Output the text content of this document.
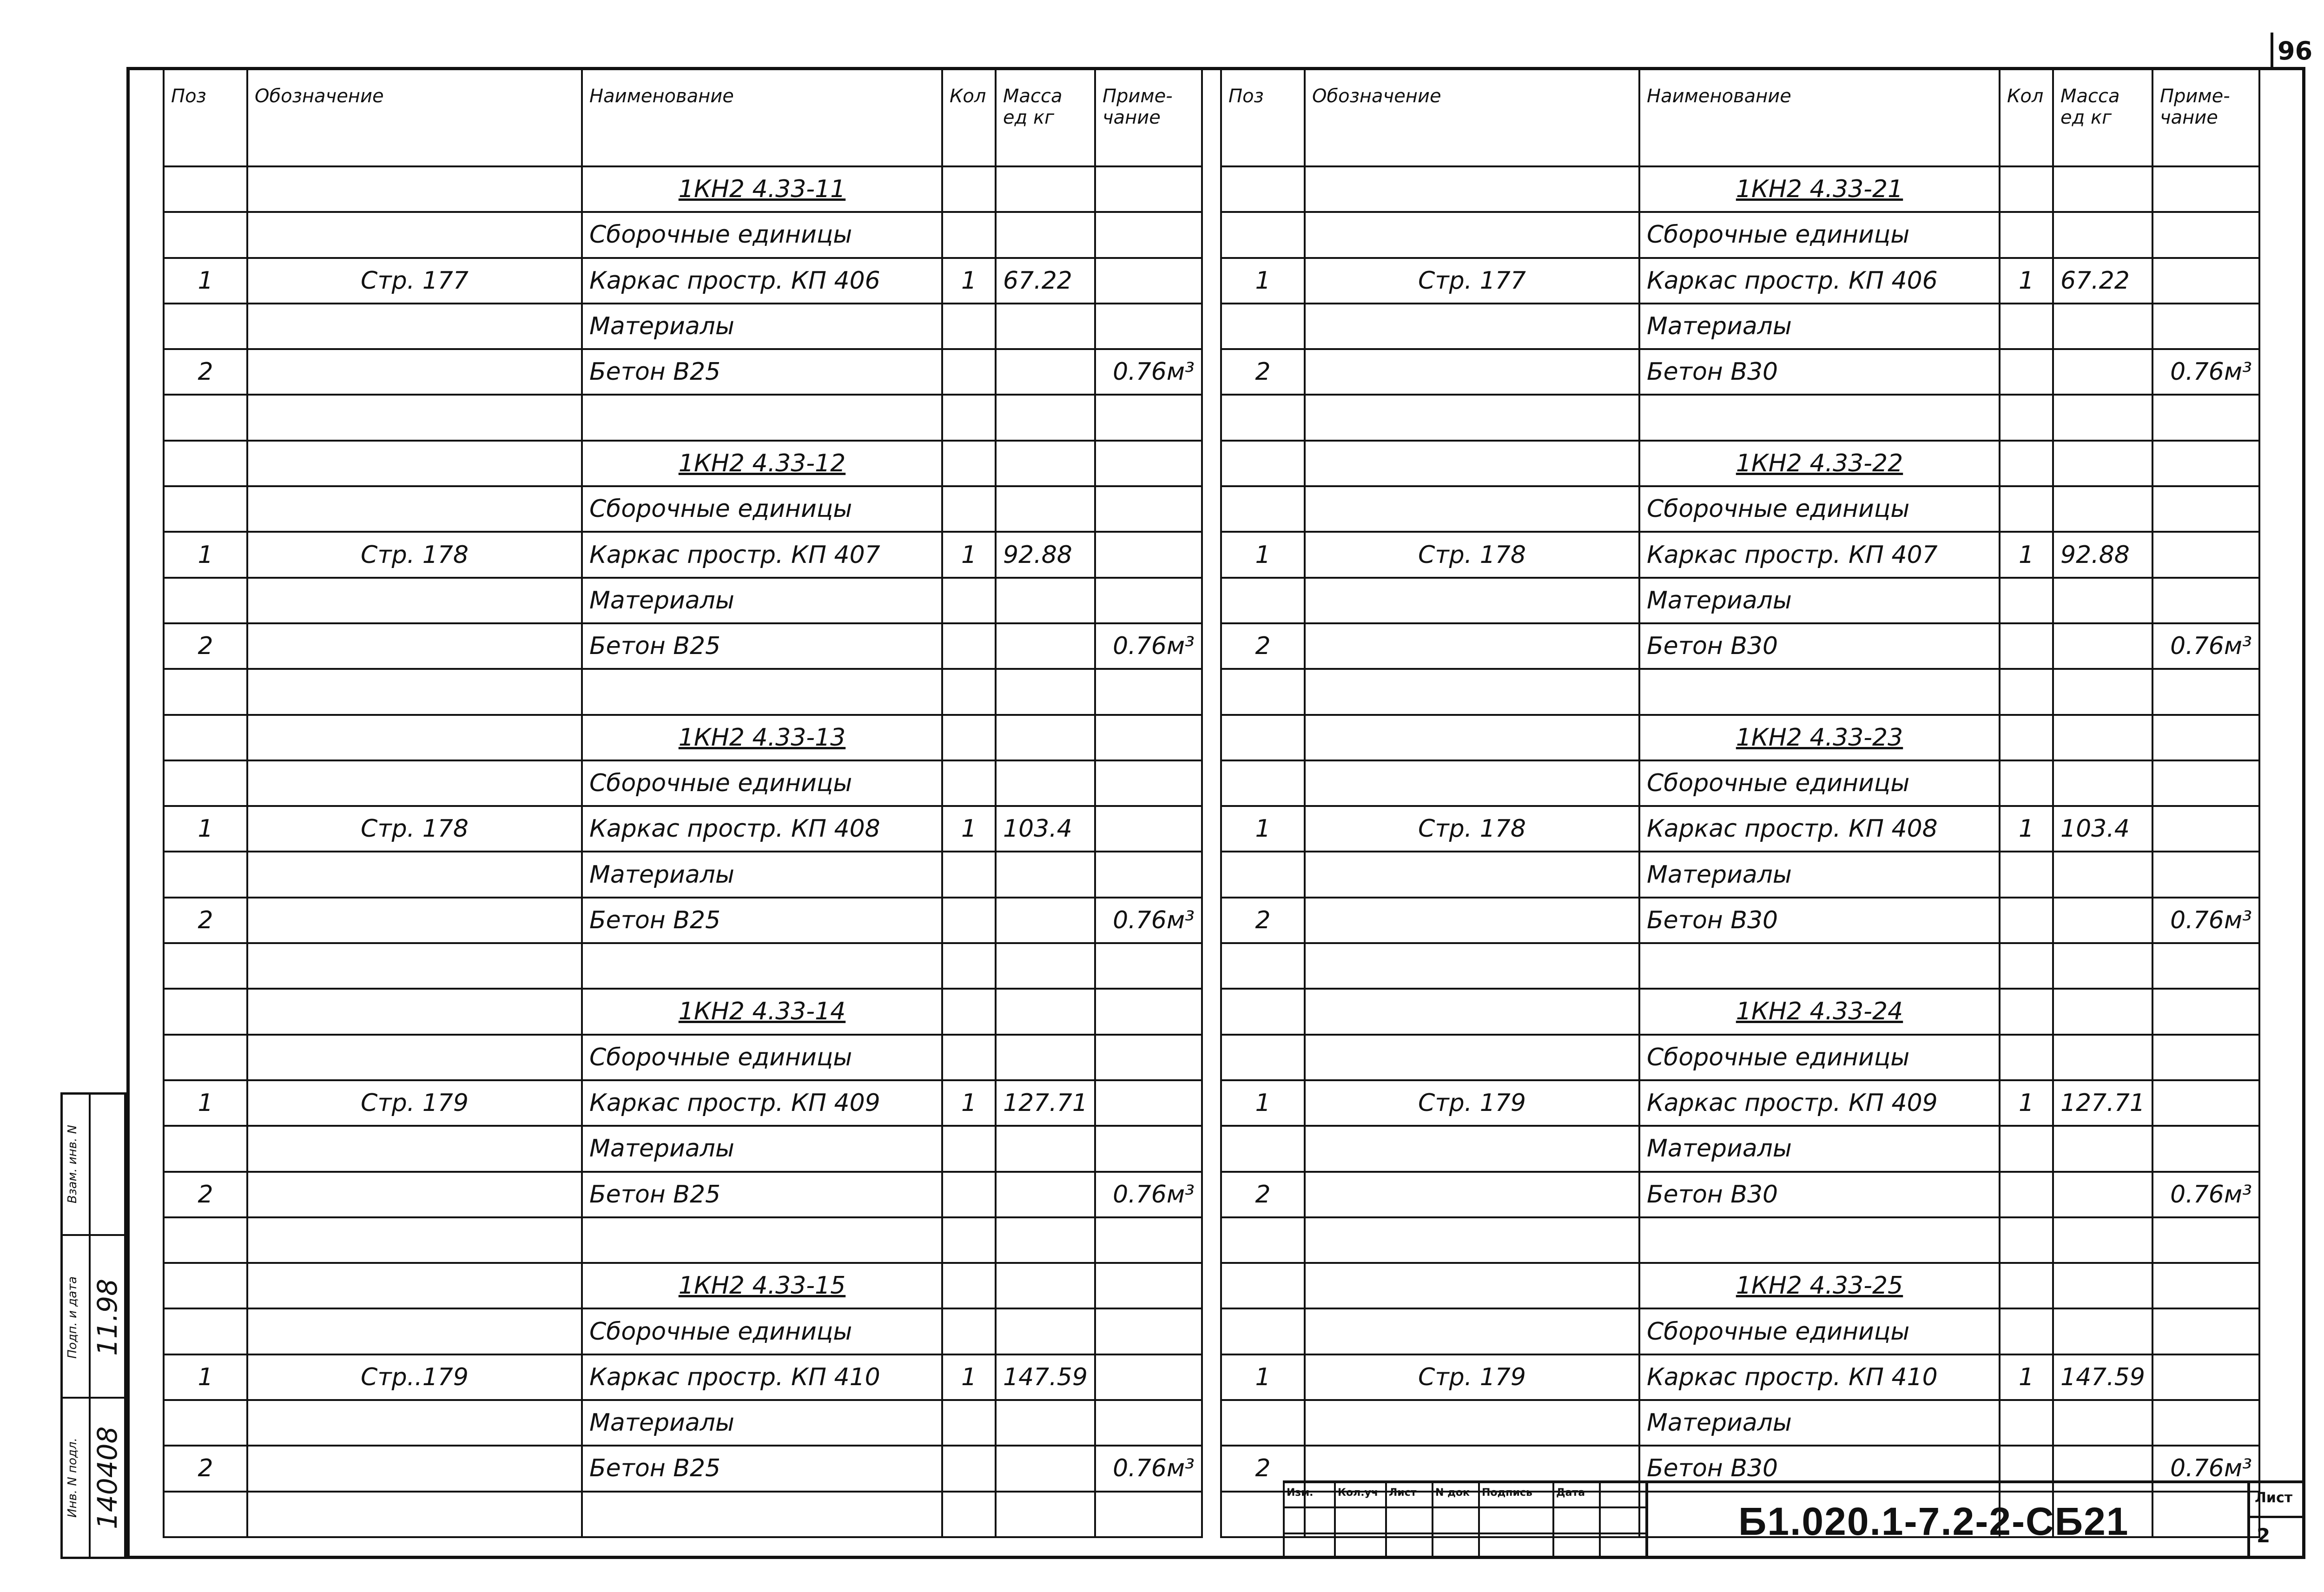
96
Поз	Обозначение	Наименование	Кол	Масса ед кг	Приме-чание
		1КН2 4.33-11			
		Сборочные единицы			
1	Стр. 177	Каркас простр. КП 406	1	67.22	
		Материалы			
2		Бетон В25			0.76м³

		1КН2 4.33-12			
		Сборочные единицы			
1	Стр. 178	Каркас простр. КП 407	1	92.88	
		Материалы			
2		Бетон В25			0.76м³

		1КН2 4.33-13			
		Сборочные единицы			
1	Стр. 178	Каркас простр. КП 408	1	103.4	
		Материалы			
2		Бетон В25			0.76м³

		1КН2 4.33-14			
		Сборочные единицы			
1	Стр. 179	Каркас простр. КП 409	1	127.71	
		Материалы			
2		Бетон В25			0.76м³

		1КН2 4.33-15			
		Сборочные единицы			
1	Стр..179	Каркас простр. КП 410	1	147.59	
		Материалы			
2		Бетон В25			0.76м³

Поз	Обозначение	Наименование	Кол	Масса ед кг	Приме-чание
		1КН2 4.33-21			
		Сборочные единицы			
1	Стр. 177	Каркас простр. КП 406	1	67.22	
		Материалы			
2		Бетон В30			0.76м³

		1КН2 4.33-22			
		Сборочные единицы			
1	Стр. 178	Каркас простр. КП 407	1	92.88	
		Материалы			
2		Бетон В30			0.76м³

		1КН2 4.33-23			
		Сборочные единицы			
1	Стр. 178	Каркас простр. КП 408	1	103.4	
		Материалы			
2		Бетон В30			0.76м³

		1КН2 4.33-24			
		Сборочные единицы			
1	Стр. 179	Каркас простр. КП 409	1	127.71	
		Материалы			
2		Бетон В30			0.76м³

		1КН2 4.33-25			
		Сборочные единицы			
1	Стр. 179	Каркас простр. КП 410	1	147.59	
		Материалы			
2		Бетон В30			0.76м³

Взам. инв. N
Подп. и дата 11.98
Инв. N подл. 140408	Изм. Кол.уч Лист N док Подпись Дата
Б1.020.1-7.2-2-СБ21
Лист
2
